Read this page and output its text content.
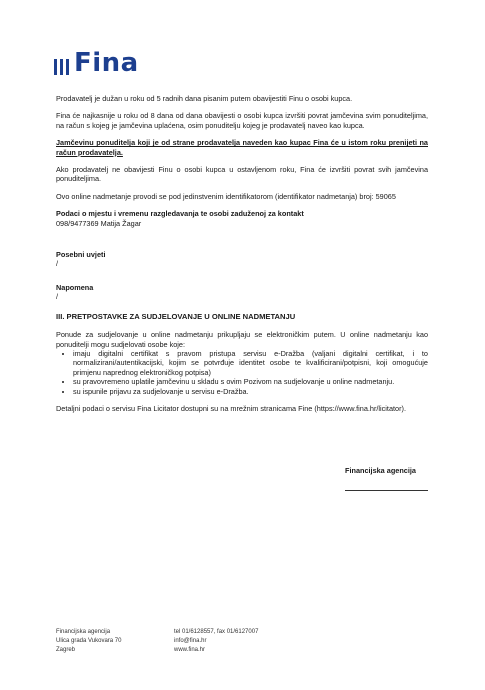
Fina

Prodavatelj je dužan u roku od 5 radnih dana pisanim putem obavijestiti Finu o osobi kupca.

Fina će najkasnije u roku od 8 dana od dana obavijesti o osobi kupca izvršiti povrat jamčevina svim ponuditeljima, na račun s kojeg je jamčevina uplaćena, osim ponuditelju kojeg je prodavatelj naveo kao kupca.

Jamčevinu ponuditelja koji je od strane prodavatelja naveden kao kupac Fina će u istom roku prenijeti na račun prodavatelja.

Ako prodavatelj ne obavijesti Finu o osobi kupca u ostavljenom roku, Fina će izvršiti povrat svih jamčevina ponuditeljima.

Ovo online nadmetanje provodi se pod jedinstvenim identifikatorom (identifikator nadmetanja) broj: 59065

Podaci o mjestu i vremenu razgledavanja te osobi zaduženoj za kontakt
098/9477369 Matija Žagar
Posebni uvjeti
/
Napomena
/
III. PRETPOSTAVKE ZA SUDJELOVANJE U ONLINE NADMETANJU

Ponude za sudjelovanje u online nadmetanju prikupljaju se elektroničkim putem. U online nadmetanju kao ponuditelji mogu sudjelovati osobe koje:

• imaju digitalni certifikat s pravom pristupa servisu e-Dražba (valjani digitalni certifikat, i to normalizirani/autentikacijski, kojim se potvrđuje identitet osobe te kvalificirani/potpisni, koji omogućuje primjenu naprednog elektroničkog potpisa)
• su pravovremeno uplatile jamčevinu u skladu s ovim Pozivom na sudjelovanje u online nadmetanju.
• su ispunile prijavu za sudjelovanje u servisu e-Dražba.

Detaljni podaci o servisu Fina Licitator dostupni su na mrežnim stranicama Fine (https://www.fina.hr/licitator).

Financijska agencija
Financijska agencija
Ulica grada Vukovara 70
Zagreb
tel 01/6128557, fax 01/6127007
info@fina.hr
www.fina.hr
